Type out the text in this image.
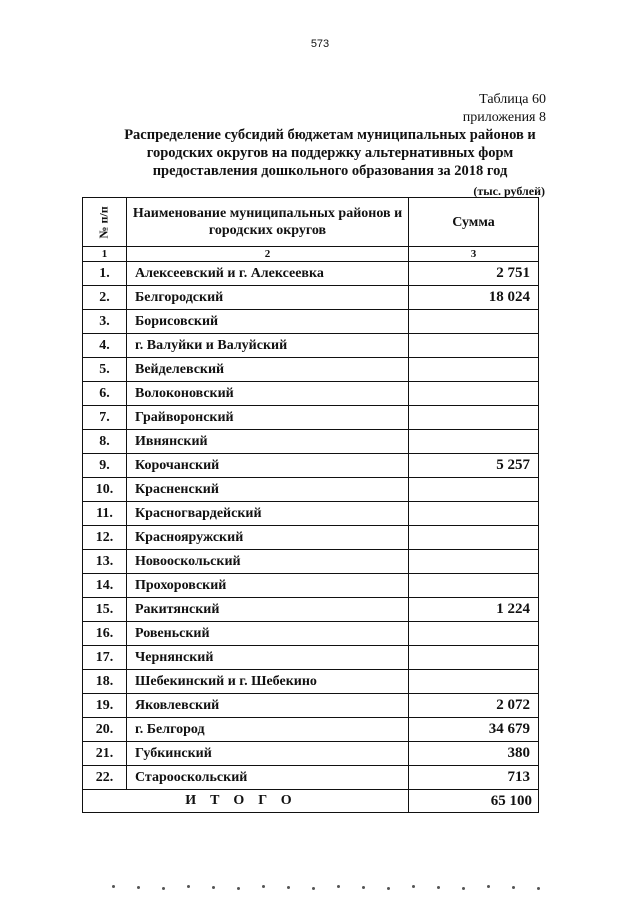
573
Таблица 60
приложения 8
Распределение субсидий бюджетам муниципальных районов и городских округов на поддержку альтернативных форм предоставления дошкольного образования за 2018 год
(тыс. рублей)
№ п/п	Наименование муниципальных районов и городских округов	Сумма
1	2	3
1.	Алексеевский и г. Алексеевка	2 751
2.	Белгородский	18 024
3.	Борисовский	
4.	г. Валуйки и Валуйский	
5.	Вейделевский	
6.	Волоконовский	
7.	Грайворонский	
8.	Ивнянский	
9.	Корочанский	5 257
10.	Красненский	
11.	Красногвардейский	
12.	Краснояружский	
13.	Новооскольский	
14.	Прохоровский	
15.	Ракитянский	1 224
16.	Ровеньский	
17.	Чернянский	
18.	Шебекинский и г. Шебекино	
19.	Яковлевский	2 072
20.	г. Белгород	34 679
21.	Губкинский	380
22.	Старооскольский	713
ИТОГО		65 100
